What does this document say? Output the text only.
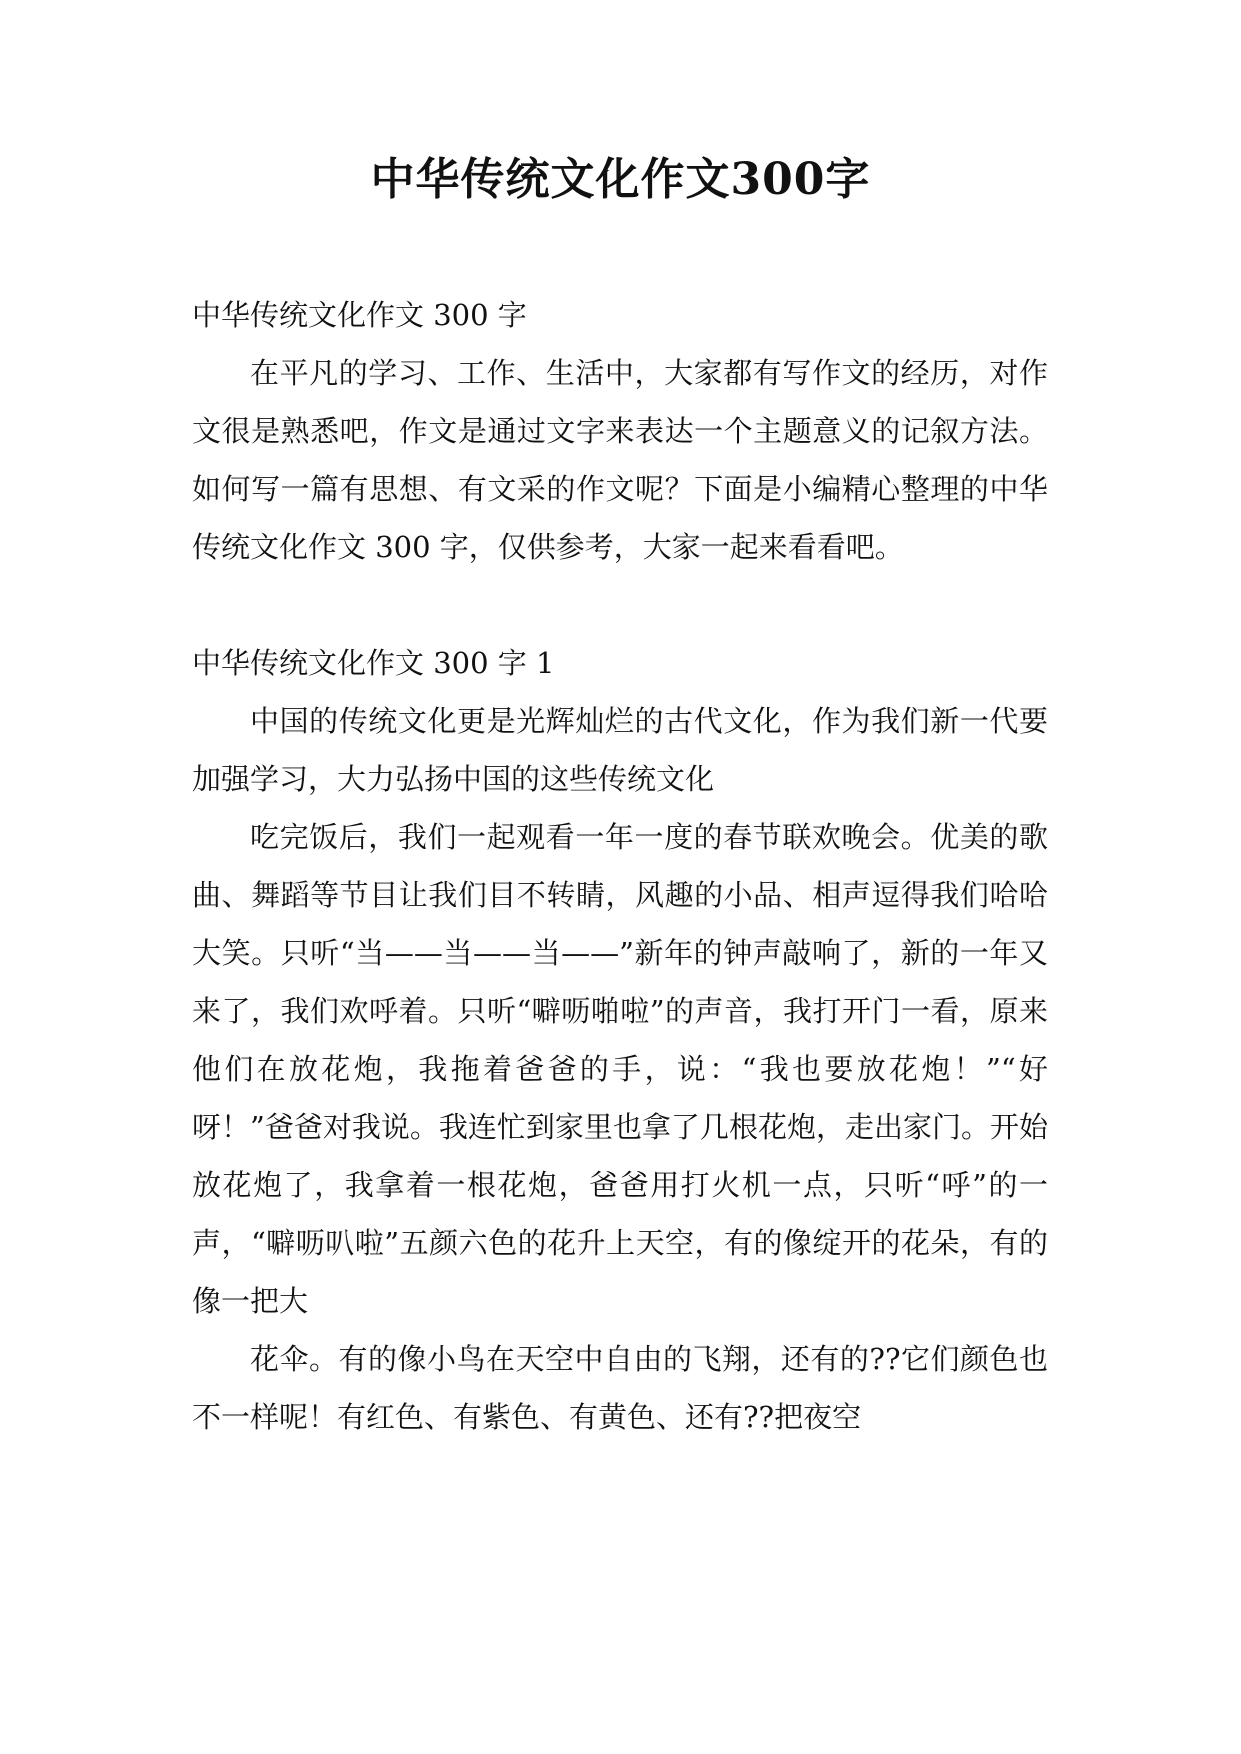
中华传统文化作文300字

中华传统文化作文 300 字

在平凡的学习、工作、生活中，大家都有写作文的经历，对作文很是熟悉吧，作文是通过文字来表达一个主题意义的记叙方法。如何写一篇有思想、有文采的作文呢？下面是小编精心整理的中华传统文化作文 300 字，仅供参考，大家一起来看看吧。

中华传统文化作文 300 字 1

中国的传统文化更是光辉灿烂的古代文化，作为我们新一代要加强学习，大力弘扬中国的这些传统文化

吃完饭后，我们一起观看一年一度的春节联欢晚会。优美的歌曲、舞蹈等节目让我们目不转睛，风趣的小品、相声逗得我们哈哈大笑。只听“当——当——当——”新年的钟声敲响了，新的一年又来了，我们欢呼着。只听“噼呖啪啦”的声音，我打开门一看，原来他们在放花炮，我拖着爸爸的手，说：“我也要放花炮！”“好呀！”爸爸对我说。我连忙到家里也拿了几根花炮，走出家门。开始放花炮了，我拿着一根花炮，爸爸用打火机一点，只听“呼”的一声，“噼呖叭啦”五颜六色的花升上天空，有的像绽开的花朵，有的像一把大

花伞。有的像小鸟在天空中自由的飞翔，还有的??它们颜色也不一样呢！有红色、有紫色、有黄色、还有??把夜空
